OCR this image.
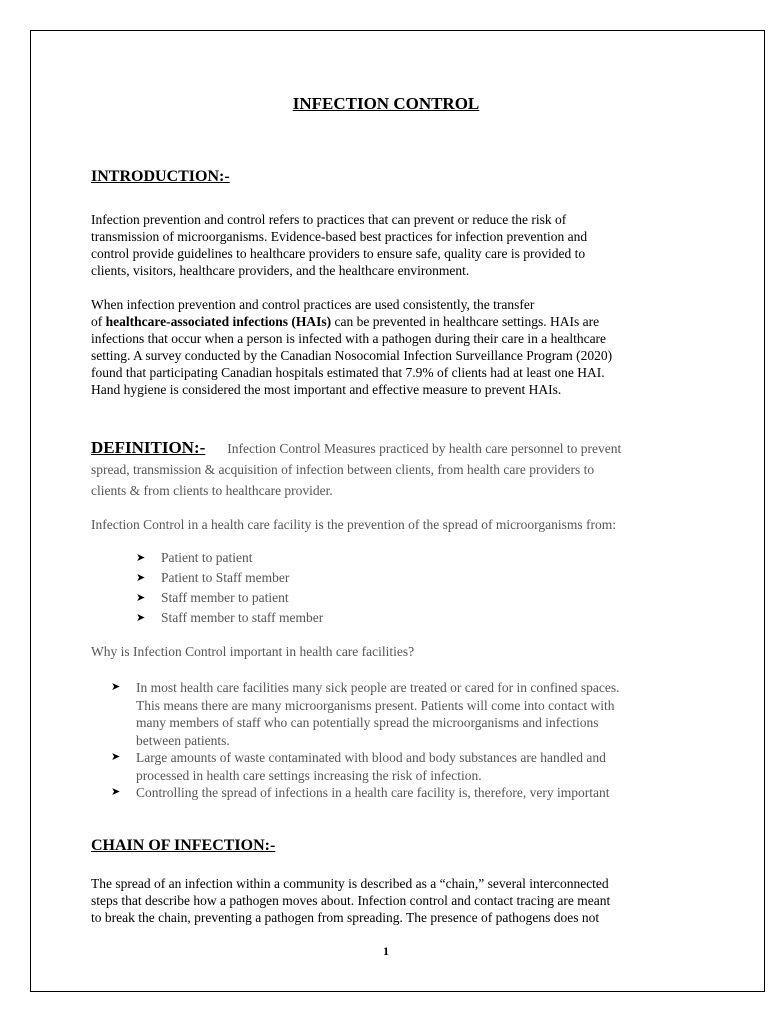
INFECTION CONTROL
INTRODUCTION:-
Infection prevention and control refers to practices that can prevent or reduce the risk of
transmission of microorganisms. Evidence-based best practices for infection prevention and
control provide guidelines to healthcare providers to ensure safe, quality care is provided to
clients, visitors, healthcare providers, and the healthcare environment.
When infection prevention and control practices are used consistently, the transfer
of healthcare-associated infections (HAIs) can be prevented in healthcare settings. HAIs are
infections that occur when a person is infected with a pathogen during their care in a healthcare
setting. A survey conducted by the Canadian Nosocomial Infection Surveillance Program (2020)
found that participating Canadian hospitals estimated that 7.9% of clients had at least one HAI.
Hand hygiene is considered the most important and effective measure to prevent HAIs.
DEFINITION:- Infection Control Measures practiced by health care personnel to prevent
spread, transmission & acquisition of infection between clients, from health care providers to
clients & from clients to healthcare provider.
Infection Control in a health care facility is the prevention of the spread of microorganisms from:
➤ Patient to patient
➤ Patient to Staff member
➤ Staff member to patient
➤ Staff member to staff member
Why is Infection Control important in health care facilities?
➤ In most health care facilities many sick people are treated or cared for in confined spaces.
This means there are many microorganisms present. Patients will come into contact with
many members of staff who can potentially spread the microorganisms and infections
between patients.
➤ Large amounts of waste contaminated with blood and body substances are handled and
processed in health care settings increasing the risk of infection.
➤ Controlling the spread of infections in a health care facility is, therefore, very important
CHAIN OF INFECTION:-
The spread of an infection within a community is described as a “chain,” several interconnected
steps that describe how a pathogen moves about. Infection control and contact tracing are meant
to break the chain, preventing a pathogen from spreading. The presence of pathogens does not
1
